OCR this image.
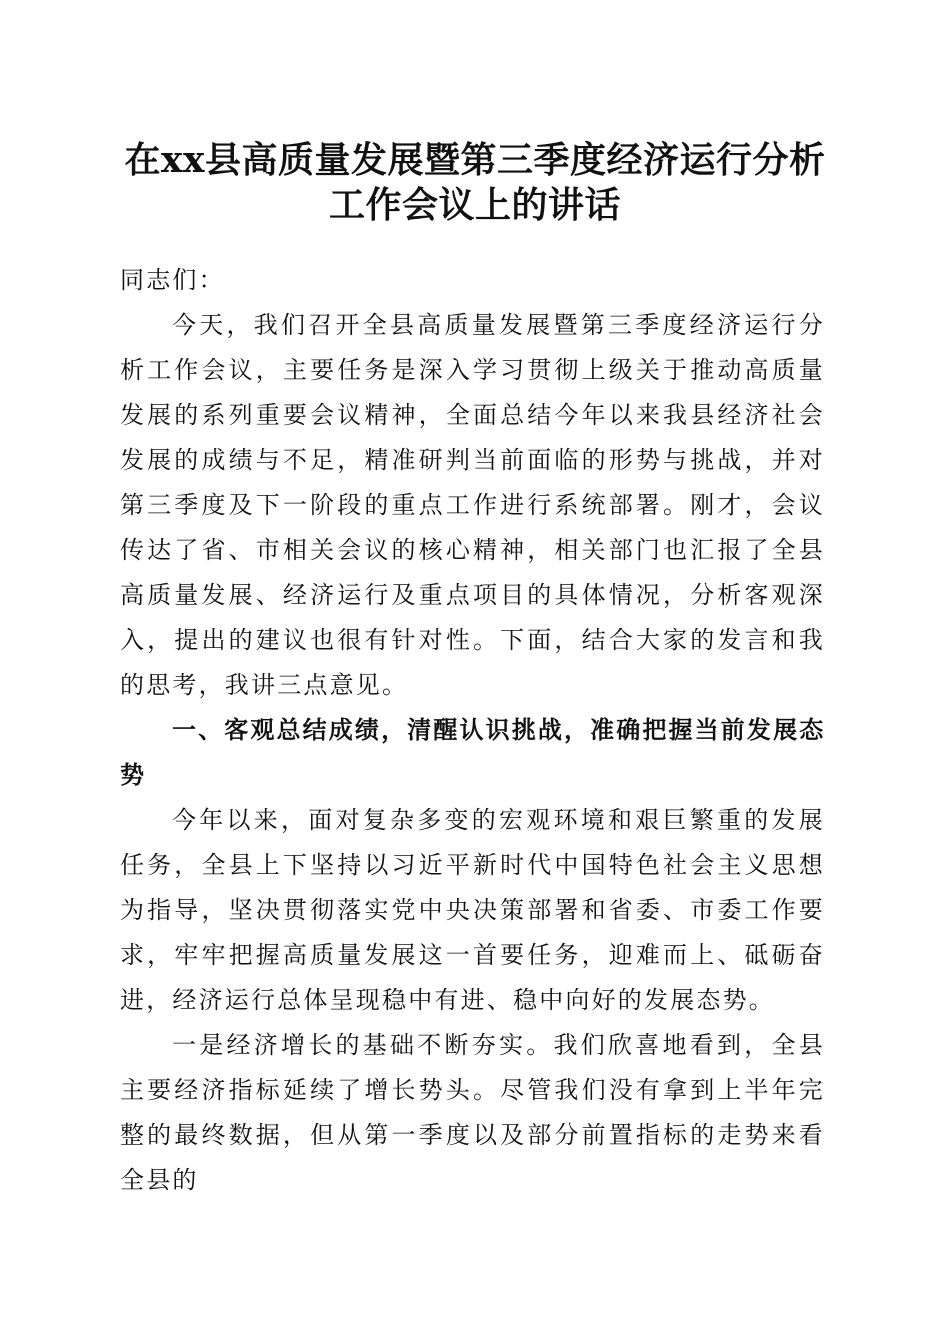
在xx县高质量发展暨第三季度经济运行分析
工作会议上的讲话

同志们：

今天，我们召开全县高质量发展暨第三季度经济运行分析工作会议，主要任务是深入学习贯彻上级关于推动高质量发展的系列重要会议精神，全面总结今年以来我县经济社会发展的成绩与不足，精准研判当前面临的形势与挑战，并对第三季度及下一阶段的重点工作进行系统部署。刚才，会议传达了省、市相关会议的核心精神，相关部门也汇报了全县高质量发展、经济运行及重点项目的具体情况，分析客观深入，提出的建议也很有针对性。下面，结合大家的发言和我的思考，我讲三点意见。

一、客观总结成绩，清醒认识挑战，准确把握当前发展态势

今年以来，面对复杂多变的宏观环境和艰巨繁重的发展任务，全县上下坚持以习近平新时代中国特色社会主义思想为指导，坚决贯彻落实党中央决策部署和省委、市委工作要求，牢牢把握高质量发展这一首要任务，迎难而上、砥砺奋进，经济运行总体呈现稳中有进、稳中向好的发展态势。

一是经济增长的基础不断夯实。我们欣喜地看到，全县主要经济指标延续了增长势头。尽管我们没有拿到上半年完整的最终数据，但从第一季度以及部分前置指标的走势来看全县的
